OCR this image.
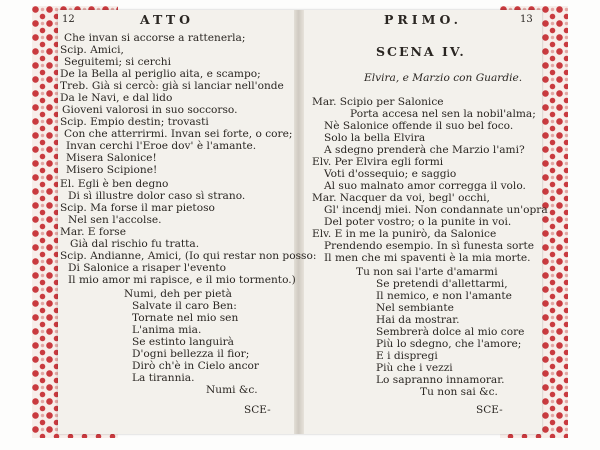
12	ATTO
Che invan si accorse a rattenerla;
Scip. Amici,
Seguitemi; si cerchi
De la Bella al periglio aita, e scampo;
Treb. Già si cercò: già si lanciar nell'onde
Da le Navi, e dal lido
Gioveni valorosi in suo soccorso.
Scip. Empio destin; trovasti
Con che atterrirmi. Invan sei forte, o core;
Invan cerchi l'Eroe dov' è l'amante.
Misera Salonice!
Misero Scipione!
El. Egli è ben degno
Di sì illustre dolor caso sì strano.
Scip. Ma forse il mar pietoso
Nel sen l'accolse.
Mar. E forse
Già dal rischio fu tratta.
Scip. Andianne, Amici, (Io qui restar non posso:
Di Salonice a risaper l'evento
Il mio amor mi rapisce, e il mio tormento.)
Numi, deh per pietà
Salvate il caro Ben:
Tornate nel mio sen
L'anima mia.
Se estinto languirà
D'ogni bellezza il fior;
Dirò ch'è in Cielo ancor
La tirannia.
Numi &c.
SCE-
13
PRIMO.
SCENA IV.
Elvira, e Marzio con Guardie.
Mar. Scipio per Salonice
Porta accesa nel sen la nobil'alma;
Nè Salonice offende il suo bel foco.
Solo la bella Elvira
A sdegno prenderà che Marzio l'ami?
Elv. Per Elvira egli formi
Voti d'ossequio; e saggio
Al suo malnato amor corregga il volo.
Mar. Nacquer da voi, begl' occhi,
Gl' incendj miei. Non condannate un'opra
Del poter vostro; o la punite in voi.
Elv. E in me la punirò, da Salonice
Prendendo esempio. In sì funesta sorte
Il men che mi spaventi è la mia morte.
Tu non sai l'arte d'amarmi
Se pretendi d'allettarmi,
Il nemico, e non l'amante
Nel sembiante
Hai da mostrar.
Sembrerà dolce al mio core
Più lo sdegno, che l'amore;
E i dispregi
Più che i vezzi
Lo sapranno innamorar.
Tu non sai &c.
SCE-
